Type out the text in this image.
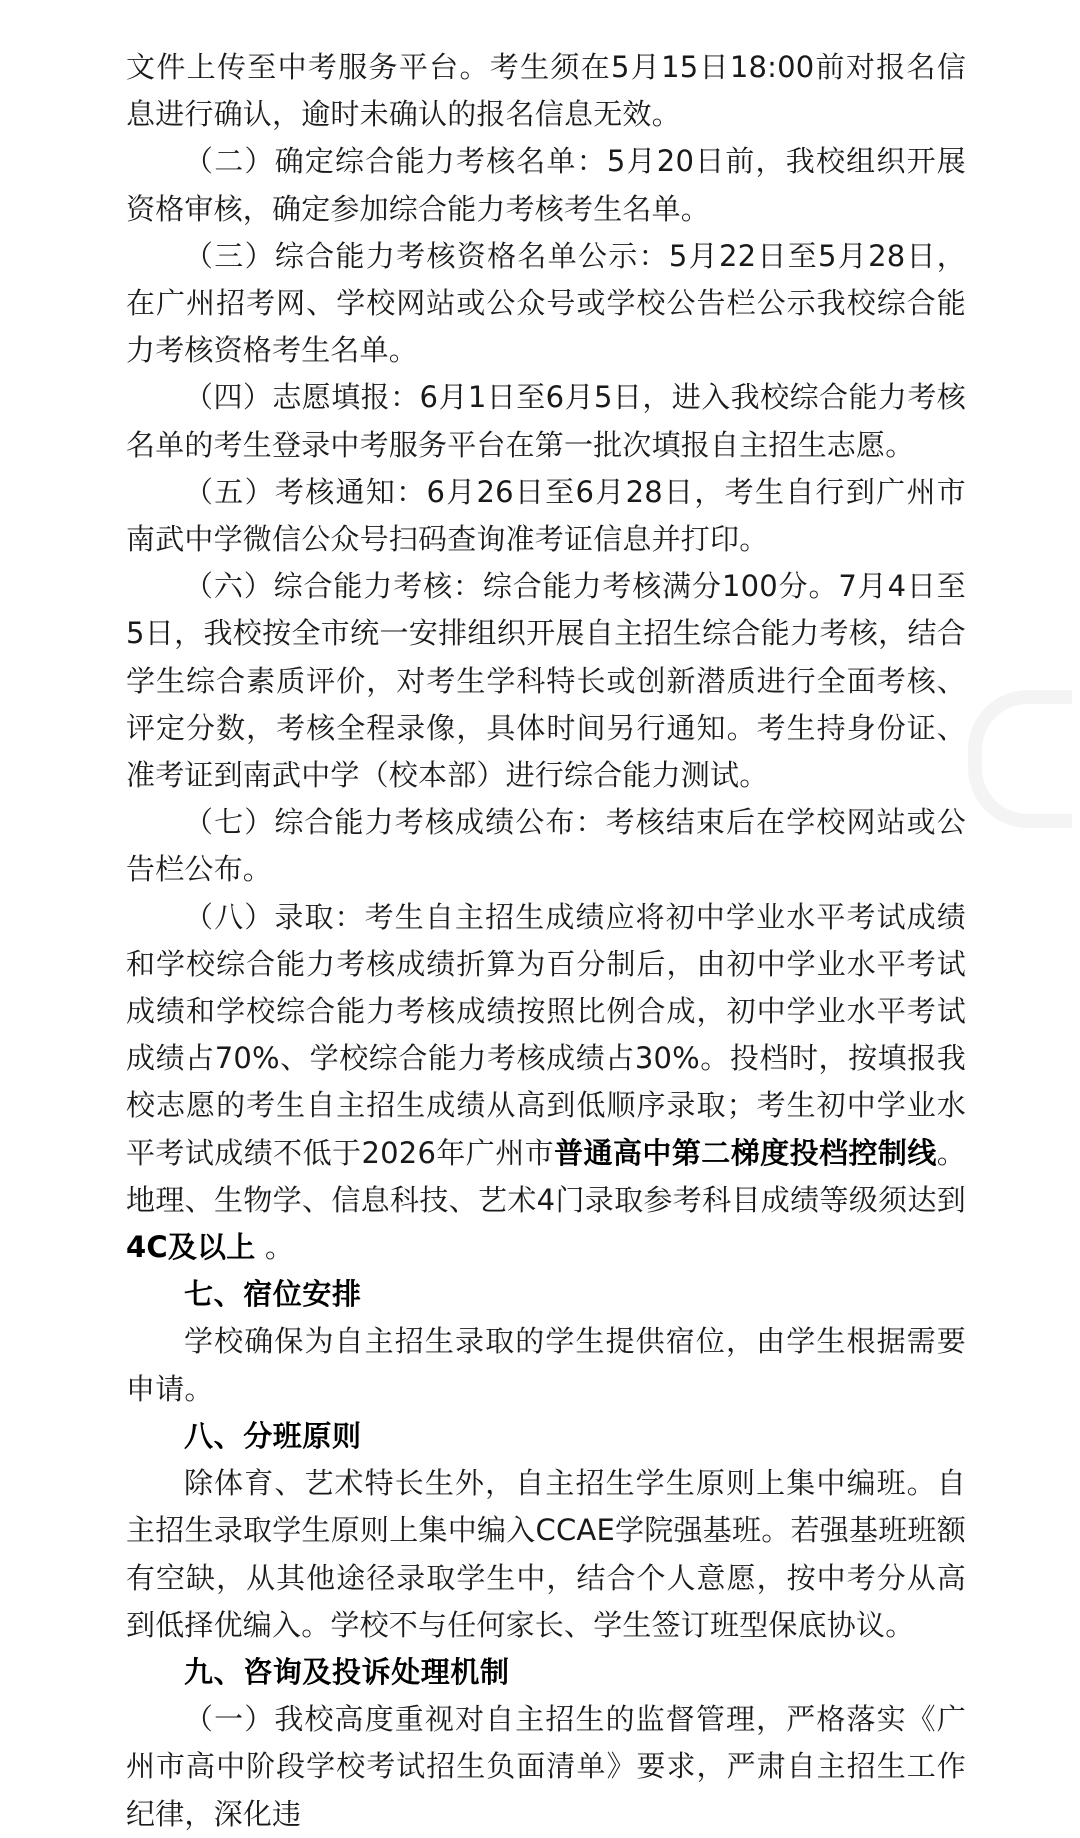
文件上传至中考服务平台。考生须在5月15日18:00前对报名信息进行确认，逾时未确认的报名信息无效。

（二）确定综合能力考核名单：5月20日前，我校组织开展资格审核，确定参加综合能力考核考生名单。

（三）综合能力考核资格名单公示：5月22日至5月28日，在广州招考网、学校网站或公众号或学校公告栏公示我校综合能力考核资格考生名单。

（四）志愿填报：6月1日至6月5日，进入我校综合能力考核名单的考生登录中考服务平台在第一批次填报自主招生志愿。

（五）考核通知：6月26日至6月28日，考生自行到广州市南武中学微信公众号扫码查询准考证信息并打印。

（六）综合能力考核：综合能力考核满分100分。7月4日至5日，我校按全市统一安排组织开展自主招生综合能力考核，结合学生综合素质评价，对考生学科特长或创新潜质进行全面考核、评定分数，考核全程录像，具体时间另行通知。考生持身份证、准考证到南武中学（校本部）进行综合能力测试。

（七）综合能力考核成绩公布：考核结束后在学校网站或公告栏公布。

（八）录取：考生自主招生成绩应将初中学业水平考试成绩和学校综合能力考核成绩折算为百分制后，由初中学业水平考试成绩和学校综合能力考核成绩按照比例合成，初中学业水平考试成绩占70%、学校综合能力考核成绩占30%。投档时，按填报我校志愿的考生自主招生成绩从高到低顺序录取；考生初中学业水平考试成绩不低于2026年广州市普通高中第二梯度投档控制线。地理、生物学、信息科技、艺术4门录取参考科目成绩等级须达到 4C及以上 。

七、宿位安排

学校确保为自主招生录取的学生提供宿位，由学生根据需要申请。

八、分班原则

除体育、艺术特长生外，自主招生学生原则上集中编班。自主招生录取学生原则上集中编入CCAE学院强基班。若强基班班额有空缺，从其他途径录取学生中，结合个人意愿，按中考分从高到低择优编入。学校不与任何家长、学生签订班型保底协议。

九、咨询及投诉处理机制

（一）我校高度重视对自主招生的监督管理，严格落实《广州市高中阶段学校考试招生负面清单》要求，严肃自主招生工作纪律，深化违
